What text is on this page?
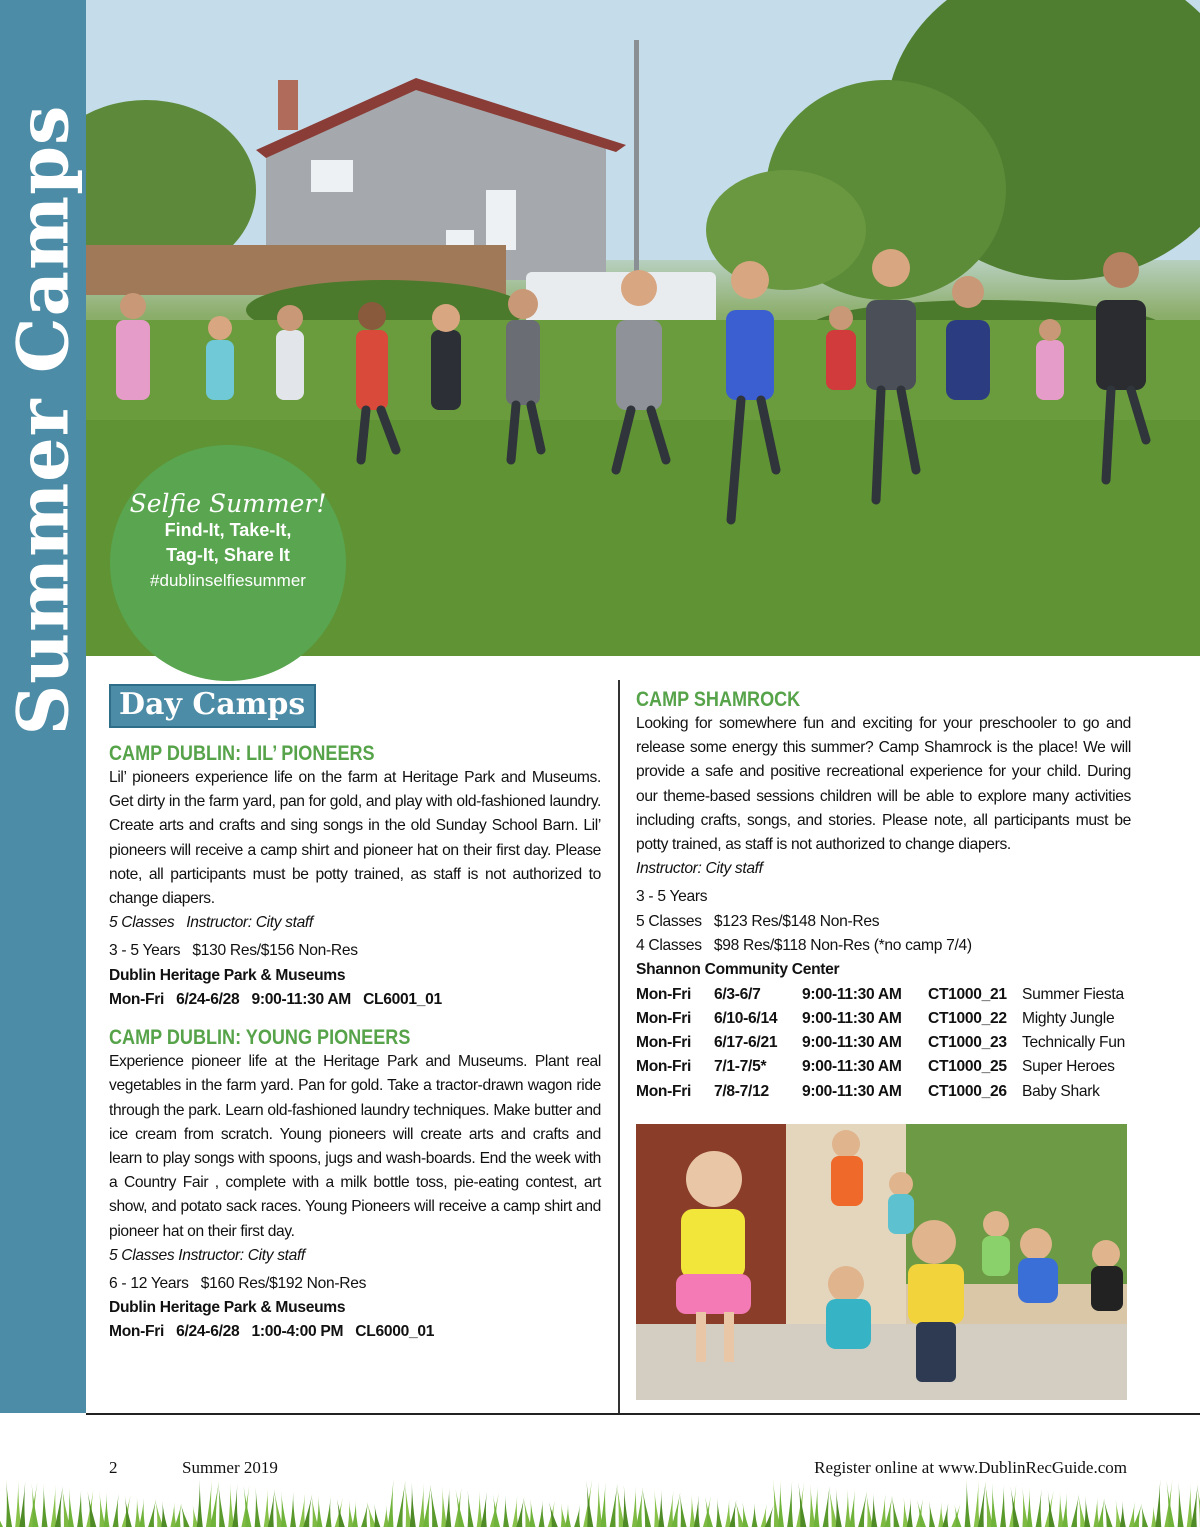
Summer Camps	Selfie Summer!
Find-It, Take-It,
Tag-It, Share It
#dublinselfiesummer
Day Camps
CAMP DUBLIN: LIL’ PIONEERS

Lil’ pioneers experience life on the farm at Heritage Park and Museums. Get dirty in the farm yard, pan for gold, and play with old-fashioned laundry. Create arts and crafts and sing songs in the old Sunday School Barn. Lil’ pioneers will receive a camp shirt and pioneer hat on their first day. Please note, all participants must be potty trained, as staff is not authorized to change diapers.

5 Classes   Instructor: City staff
3 - 5 Years   $130 Res/$156 Non-Res
Dublin Heritage Park & Museums
Mon-Fri   6/24-6/28   9:00-11:30 AM   CL6001_01
CAMP DUBLIN: YOUNG PIONEERS

Experience pioneer life at the Heritage Park and Museums. Plant real vegetables in the farm yard. Pan for gold. Take a tractor-drawn wagon ride through the park. Learn old-fashioned laundry techniques. Make butter and ice cream from scratch. Young pioneers will create arts and crafts and learn to play songs with spoons, jugs and wash-boards. End the week with a Country Fair , complete with a milk bottle toss, pie-eating contest, art show, and potato sack races. Young Pioneers will receive a camp shirt and pioneer hat on their first day.

5 Classes Instructor: City staff
6 - 12 Years   $160 Res/$192 Non-Res
Dublin Heritage Park & Museums
Mon-Fri   6/24-6/28   1:00-4:00 PM   CL6000_01
CAMP SHAMROCK

Looking for somewhere fun and exciting for your preschooler to go and release some energy this summer? Camp Shamrock is the place! We will provide a safe and positive recreational experience for your child. During our theme-based sessions children will be able to explore many activities including crafts, songs, and stories. Please note, all participants must be potty trained, as staff is not authorized to change diapers.

Instructor: City staff
3 - 5 Years
5 Classes   $123 Res/$148 Non-Res
4 Classes   $98 Res/$118 Non-Res (*no camp 7/4)
Shannon Community Center
Mon-Fri	6/3-6/7	9:00-11:30 AM	CT1000_21	Summer Fiesta
Mon-Fri	6/10-6/14	9:00-11:30 AM	CT1000_22	Mighty Jungle
Mon-Fri	6/17-6/21	9:00-11:30 AM	CT1000_23	Technically Fun
Mon-Fri	7/1-7/5*	9:00-11:30 AM	CT1000_25	Super Heroes
Mon-Fri	7/8-7/12	9:00-11:30 AM	CT1000_26	Baby Shark
2	Summer 2019	Register online at www.DublinRecGuide.com
